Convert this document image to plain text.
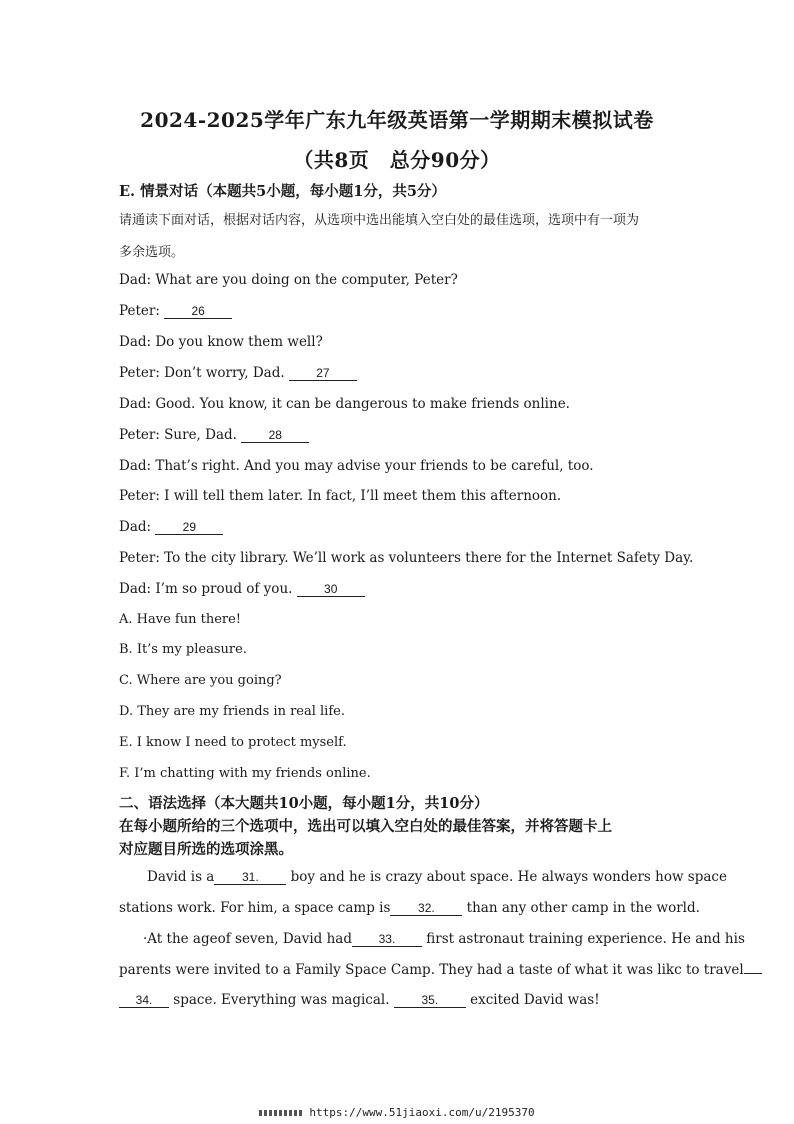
2024-2025学年广东九年级英语第一学期期末模拟试卷
（共8页　总分90分）
E. 情景对话（本题共5小题，每小题1分，共5分）
请通读下面对话，根据对话内容，从选项中选出能填入空白处的最佳选项，选项中有一项为
多余选项。
Dad: What are you doing on the computer, Peter?
Peter: 26
Dad: Do you know them well?
Peter: Don’t worry, Dad. 27
Dad: Good. You know, it can be dangerous to make friends online.
Peter: Sure, Dad. 28
Dad: That’s right. And you may advise your friends to be careful, too.
Peter: I will tell them later. In fact, I’ll meet them this afternoon.
Dad: 29
Peter: To the city library. We’ll work as volunteers there for the Internet Safety Day.
Dad: I’m so proud of you. 30
A. Have fun there!
B. It’s my pleasure.
C. Where are you going?
D. They are my friends in real life.
E. I know I need to protect myself.
F. I’m chatting with my friends online.
二、语法选择（本大题共10小题，每小题1分，共10分）
在每小题所给的三个选项中，选出可以填入空白处的最佳答案，并将答题卡上
对应题目所选的选项涂黑。
David is a 31. boy and he is crazy about space. He always wonders how space
stations work. For him, a space camp is 32. than any other camp in the world.
·At the ageof seven, David had 33. first astronaut training experience. He and his
parents were invited to a Family Space Camp. They had a taste of what it was likc to travel
34. space. Everything was magical. 35. excited David was!
https://www.51jiaoxi.com/u/2195370
